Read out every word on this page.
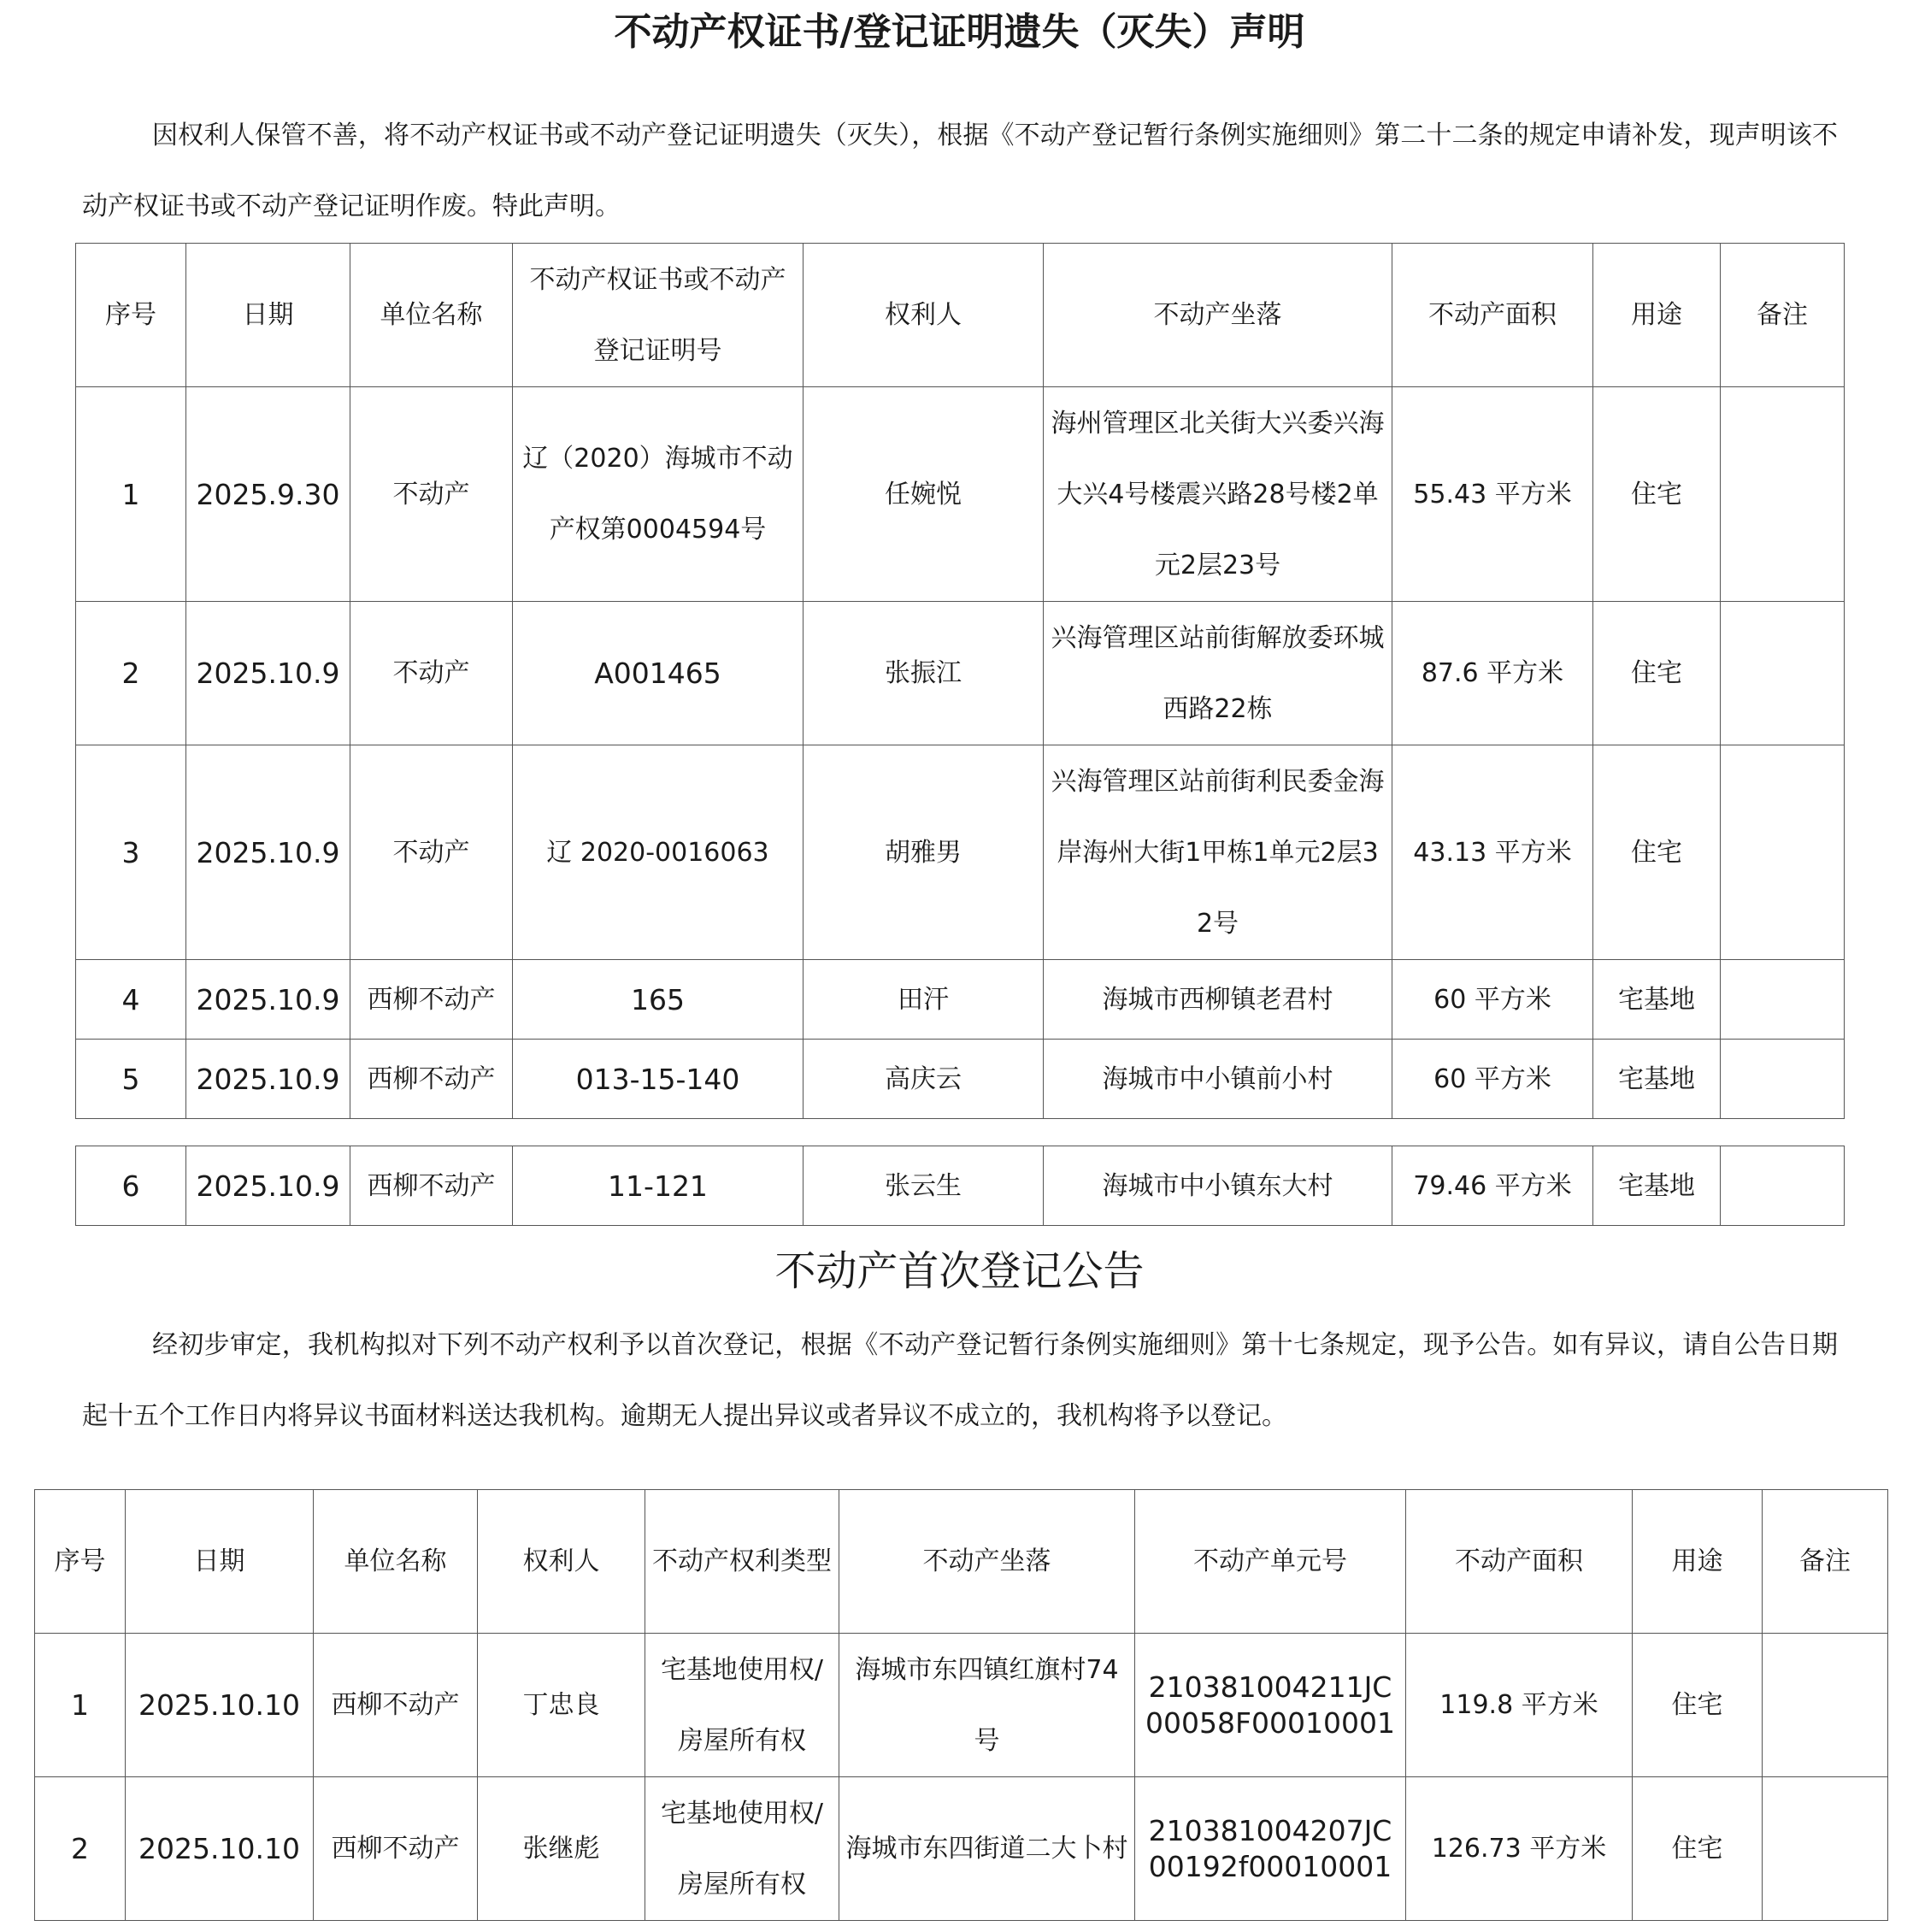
不动产权证书/登记证明遗失（灭失）声明
因权利人保管不善，将不动产权证书或不动产登记证明遗失（灭失），根据《不动产登记暂行条例实施细则》第二十二条的规定申请补发，现声明该不动产权证书或不动产登记证明作废。特此声明。
序号	日期	单位名称	不动产权证书或不动产登记证明号	权利人	不动产坐落	不动产面积	用途	备注
1	2025.9.30	不动产	辽（2020）海城市不动产权第0004594号	任婉悦	海州管理区北关街大兴委兴海大兴4号楼震兴路28号楼2单元2层23号	55.43 平方米	住宅	
2	2025.10.9	不动产	A001465	张振江	兴海管理区站前街解放委环城西路22栋	87.6 平方米	住宅	
3	2025.10.9	不动产	辽 2020-0016063	胡雅男	兴海管理区站前街利民委金海岸海州大街1甲栋1单元2层32号	43.13 平方米	住宅	
4	2025.10.9	西柳不动产	165	田汗	海城市西柳镇老君村	60 平方米	宅基地	
5	2025.10.9	西柳不动产	013-15-140	高庆云	海城市中小镇前小村	60 平方米	宅基地	
6	2025.10.9	西柳不动产	11-121	张云生	海城市中小镇东大村	79.46 平方米	宅基地	
不动产首次登记公告
经初步审定，我机构拟对下列不动产权利予以首次登记，根据《不动产登记暂行条例实施细则》第十七条规定，现予公告。如有异议，请自公告日期起十五个工作日内将异议书面材料送达我机构。逾期无人提出异议或者异议不成立的，我机构将予以登记。
序号	日期	单位名称	权利人	不动产权利类型	不动产坐落	不动产单元号	不动产面积	用途	备注
1	2025.10.10	西柳不动产	丁忠良	宅基地使用权/房屋所有权	海城市东四镇红旗村74号	210381004211JC00058F00010001	119.8 平方米	住宅	
2	2025.10.10	西柳不动产	张继彪	宅基地使用权/房屋所有权	海城市东四街道二大卜村	210381004207JC00192f00010001	126.73 平方米	住宅	
